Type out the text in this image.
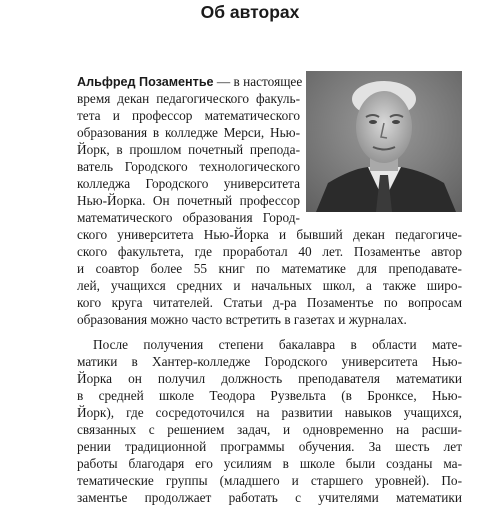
Об авторах
Альфред Позаментье — в настоящее
время декан педагогического факуль-
тета и профессор математического
образования в колледже Мерси, Нью-
Йорк, в прошлом почетный препода-
ватель Городского технологического
колледжа Городского университета
Нью-Йорка. Он почетный профессор
математического образования Город-
ского университета Нью-Йорка и бывший декан педагогиче-
ского факультета, где проработал 40 лет. Позаментье автор
и соавтор более 55 книг по математике для преподавате-
лей, учащихся средних и начальных школ, а также широ-
кого круга читателей. Статьи д-ра Позаментье по вопросам
образования можно часто встретить в газетах и журналах.
После получения степени бакалавра в области мате-
матики в Хантер-колледже Городского университета Нью-
Йорка он получил должность преподавателя математики
в средней школе Теодора Рузвельта (в Бронксе, Нью-
Йорк), где сосредоточился на развитии навыков учащихся,
связанных с решением задач, и одновременно на расши-
рении традиционной программы обучения. За шесть лет
работы благодаря его усилиям в школе были созданы ма-
тематические группы (младшего и старшего уровней). По-
заментье продолжает работать с учителями математики
